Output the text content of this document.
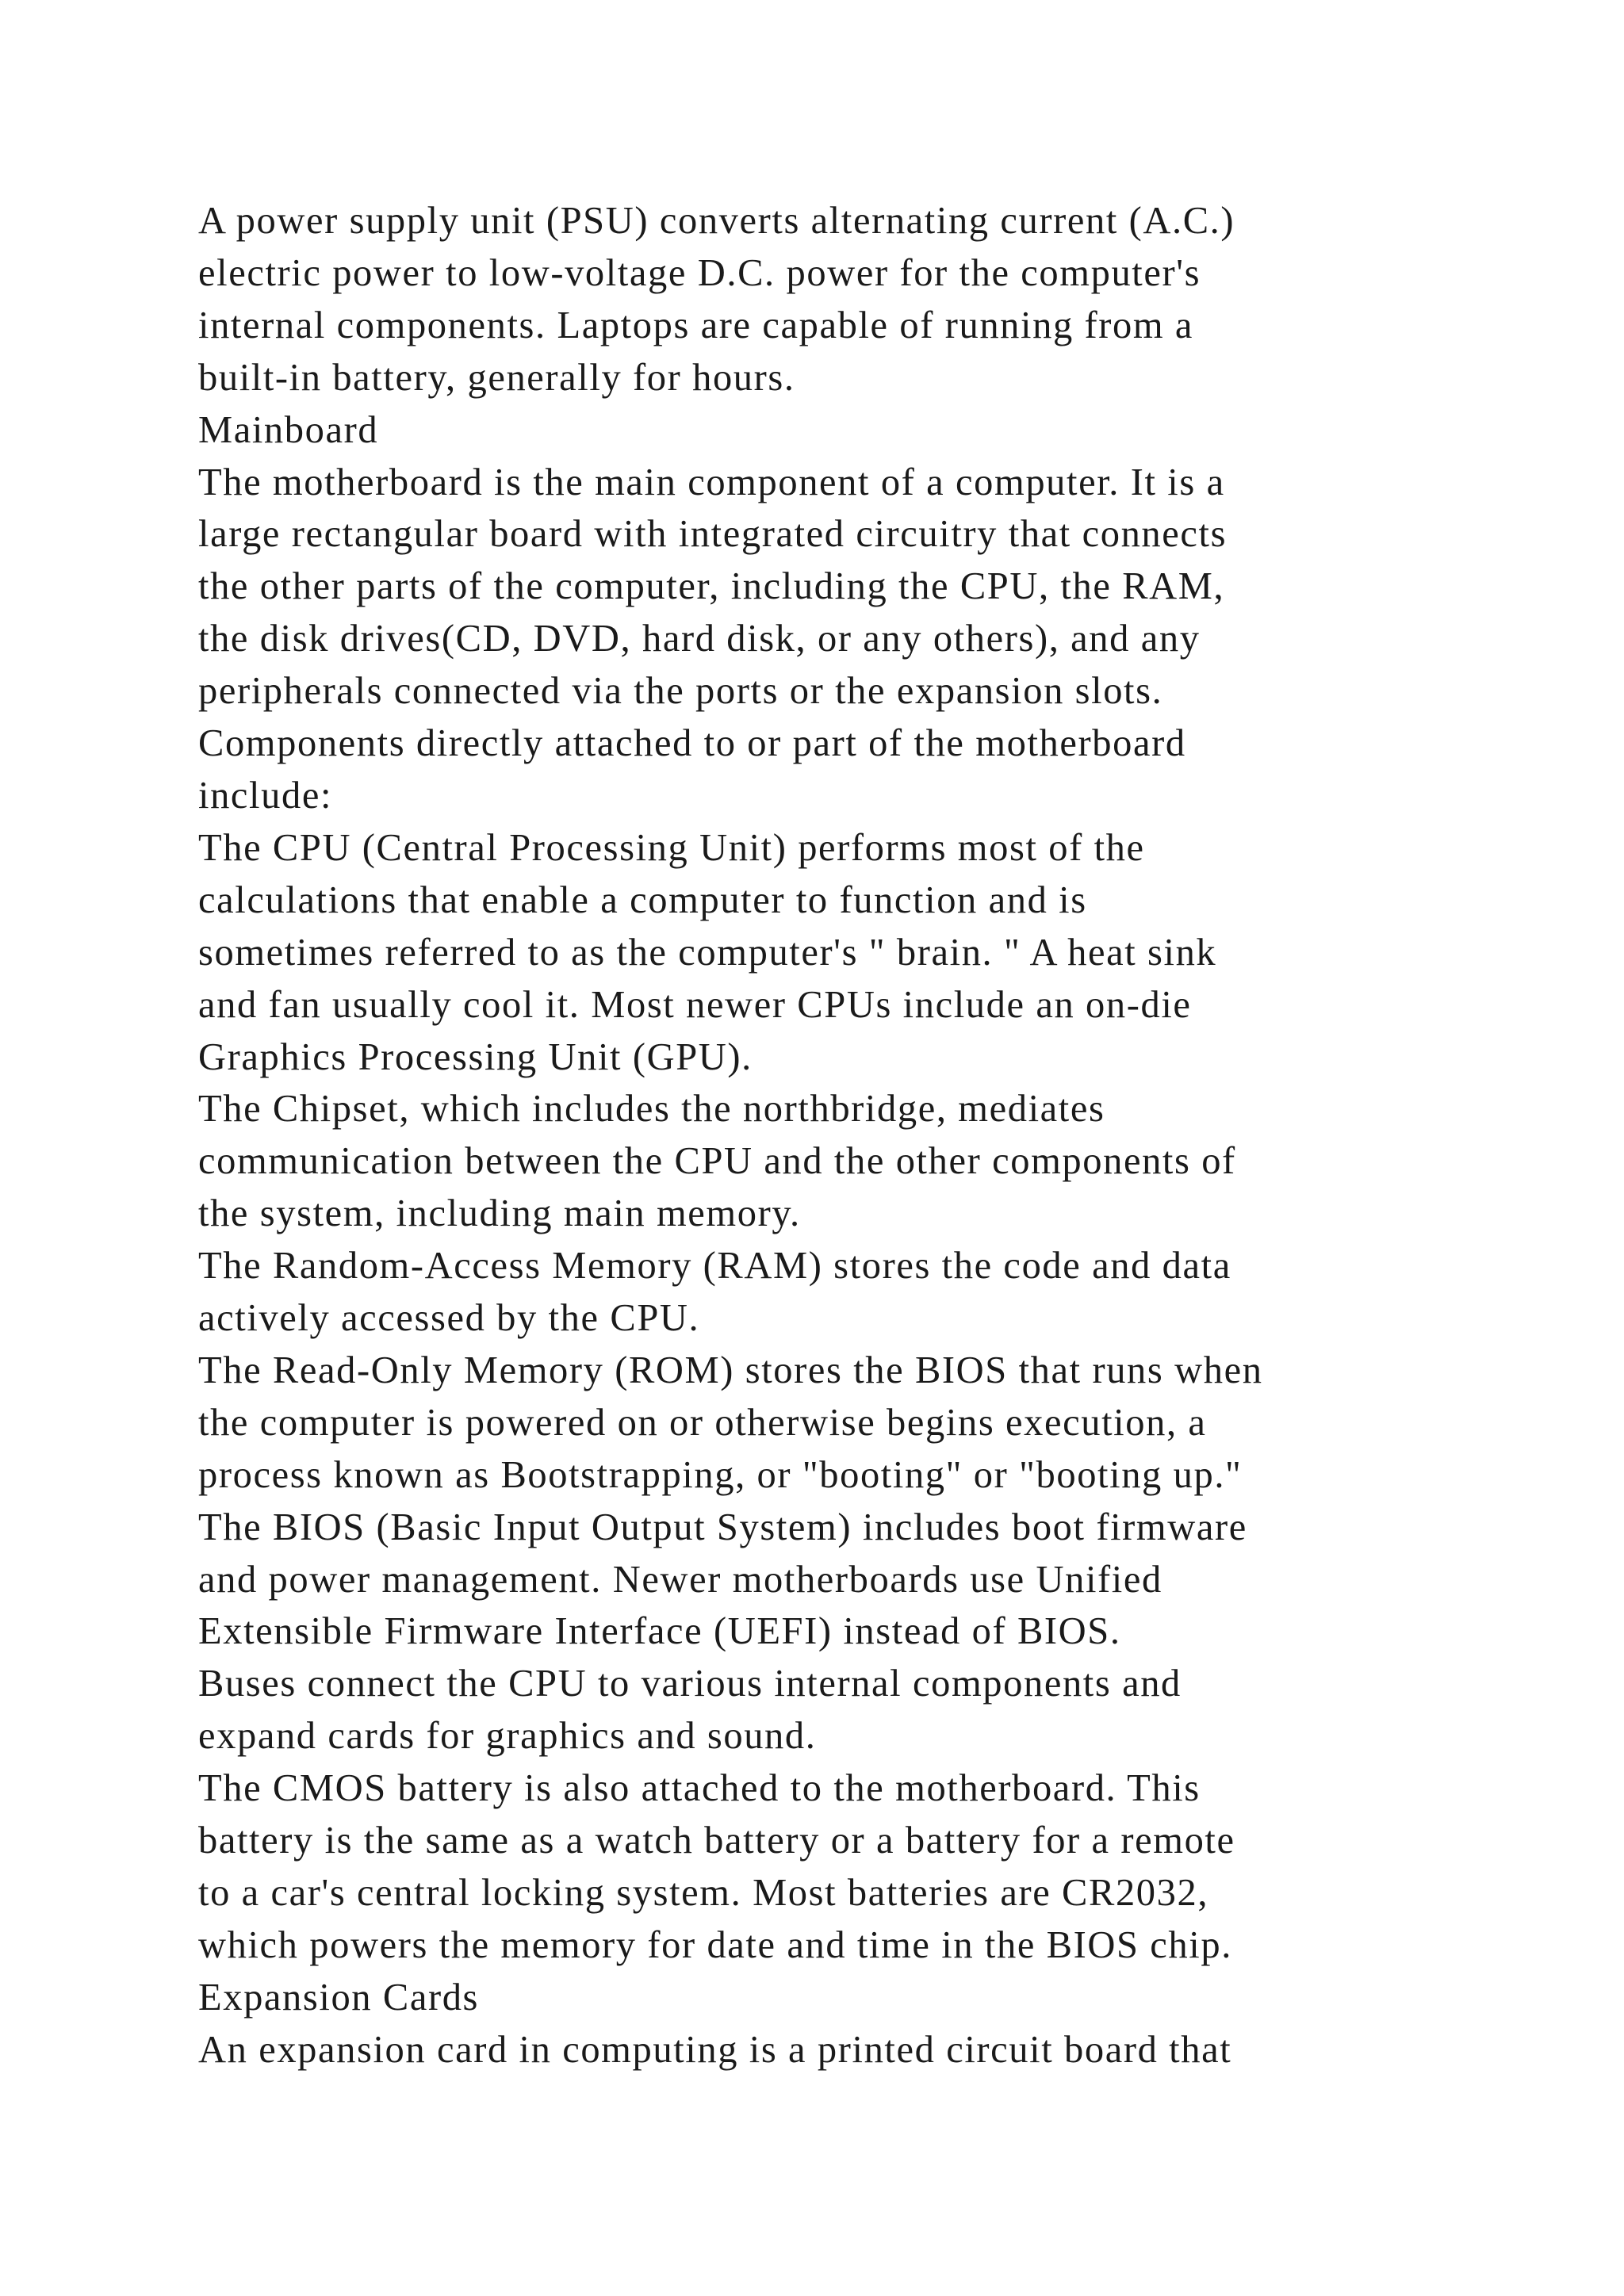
A power supply unit (PSU) converts alternating current (A.C.)
electric power to low-voltage D.C. power for the computer's
internal components. Laptops are capable of running from a
built-in battery, generally for hours.
Mainboard
The motherboard is the main component of a computer. It is a
large rectangular board with integrated circuitry that connects
the other parts of the computer, including the CPU, the RAM,
the disk drives(CD, DVD, hard disk, or any others), and any
peripherals connected via the ports or the expansion slots.
Components directly attached to or part of the motherboard
include:
The CPU (Central Processing Unit) performs most of the
calculations that enable a computer to function and is
sometimes referred to as the computer's " brain. " A heat sink
and fan usually cool it. Most newer CPUs include an on-die
Graphics Processing Unit (GPU).
The Chipset, which includes the northbridge, mediates
communication between the CPU and the other components of
the system, including main memory.
The Random-Access Memory (RAM) stores the code and data
actively accessed by the CPU.
The Read-Only Memory (ROM) stores the BIOS that runs when
the computer is powered on or otherwise begins execution, a
process known as Bootstrapping, or "booting" or "booting up."
The BIOS (Basic Input Output System) includes boot firmware
and power management. Newer motherboards use Unified
Extensible Firmware Interface (UEFI) instead of BIOS.
Buses connect the CPU to various internal components and
expand cards for graphics and sound.
The CMOS battery is also attached to the motherboard. This
battery is the same as a watch battery or a battery for a remote
to a car's central locking system. Most batteries are CR2032,
which powers the memory for date and time in the BIOS chip.
Expansion Cards
An expansion card in computing is a printed circuit board that
